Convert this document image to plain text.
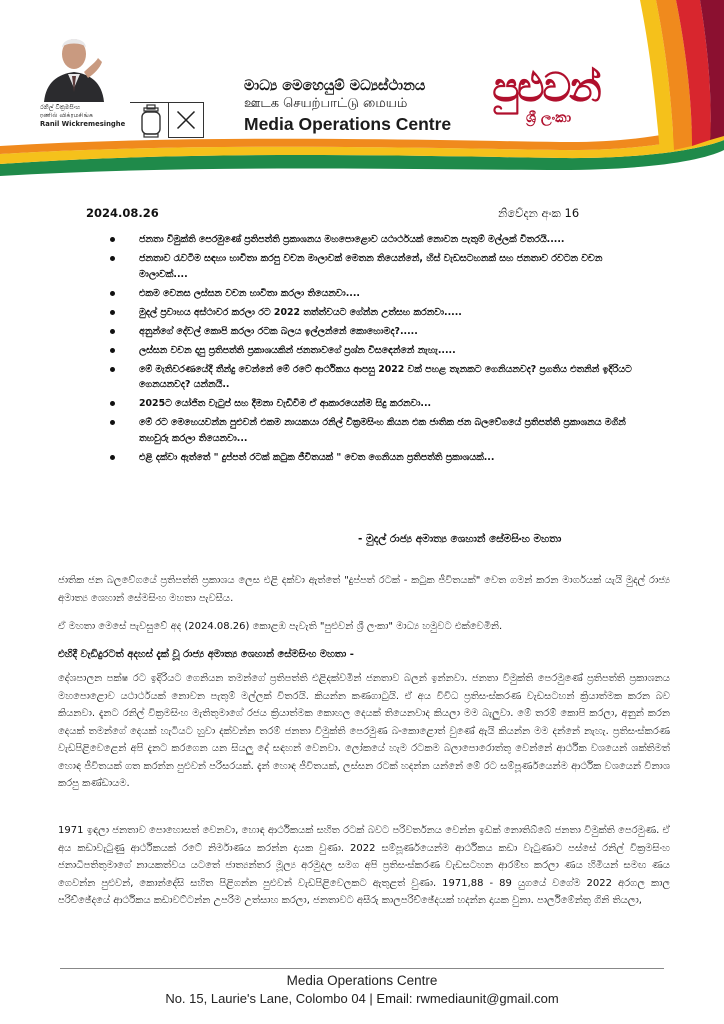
රනිල් වික්‍රමසිංහ
ரணில் விக்ரமசிங்க
Ranil Wickremesinghe
මාධ්‍ය මෙහෙයුම් මධ්‍යස්ථානය
ஊடக செயற்பாட்டு மையம்
Media Operations Centre
පුළුවන්
ශ්‍රී ලංකා
2024.08.26	නිවේදන අංක 16
ජනතා විමුක්ති පෙරමුණේ ප්‍රතිපත්ති ප්‍රකාශනය මහපොළොව යථාර්ථයක් නොවන පැතුම් මල්ලක් විතරයි.....
ජනතාව රැවටීම සඳහා භාවිතා කරපු වචන මාලාවක් මෙතන තියෙන්නේ, හිස් වැඩසටහනක් සහ ජනතාව රවටන වචන මාලාවක්....
එකම වෙනස ලස්සන වචන භාවිතා කරලා තියෙනවා....
මුදල් ප්‍රවාහය අස්ථාවර කරලා රට 2022 තත්ත්වයට ගේන්න උත්සහ කරනවා.....
අනුන්ගේ දේවල් කොපි කරලා රටක බලය ඉල්ලන්නේ කොහොමද?.....
ලස්සන වචන දාපු ප්‍රතිපත්ති ප්‍රකාශයකින් ජනතාවගේ ප්‍රශ්න විසඳෙන්නේ නැහැ.....
මේ මැතිවරණයේදී තීන්දු වෙන්නේ මේ රටේ ආර්ථිකය ආපසු 2022 වක් පහළ තැනකට ගෙනියනවද? ප්‍රගතිය එතනින් ඉදිරියට ගෙනයනවද? යන්නයි..
2025ට යෝජිත වැටුප් සහ දීමනා වැඩිවීම ඒ ආකාරයෙන්ම සිදු කරනවා...
මේ රට මෙහෙයවන්න පුළුවන් එකම නායකයා රනිල් වික්‍රමසිංහ කියන එක ජාතික ජන බලවේගයේ ප්‍රතිපත්ති ප්‍රකාශනය මගින් තහවුරු කරලා තියෙනවා...
එළි දක්වා ඇත්තේ " දුප්පත් රටක් කටුක ජීවිතයක් " වෙත ගෙනියන ප්‍රතිපත්ති ප්‍රකාශයක්...
- මුදල් රාජ්‍ය අමාත්‍ය ශෙහාන් සේමසිංහ මහතා

ජාතික ජන බලවේගයේ ප්‍රතිපත්ති ප්‍රකාශය ලෙස එළි දක්වා ඇත්තේ "දුප්පත් රටක් - කටුක ජීවිතයක්" වෙත ගමන් කරන මාර්ගයක් යැයි මුදල් රාජ්‍ය අමාත්‍ය ශෙහාන් සේමසිංහ මහතා පැවසීය.

ඒ මහතා මෙසේ පැවසුවේ අද (2024.08.26) කොළඹ පැවැති "පුළුවන් ශ්‍රී ලංකා" මාධ්‍ය හමුවට එක්වෙමිනි.

එහිදී වැඩිදුරටත් අදහස් දැක් වූ රාජ්‍ය අමාත්‍ය ශෙහාන් සේමසිංහ මහතා -

දේශපාලන පක්ෂ රට ඉදිරියට ගෙනියන තමන්ගේ ප්‍රතිපත්ති එළිදක්වමින් ජනතාව බලන් ඉන්නවා. ජනතා විමුක්ති පෙරමුණේ ප්‍රතිපත්ති ප්‍රකාශනය මහපොළොව යථාර්ථයක් නොවන පැතුම් මල්ලක් විතරයි. කියන්න කණගාටුයි. ඒ අය විවිධ ප්‍රතිසංස්කරණ වැඩසටහන් ක්‍රියාත්මක කරන බව කියනවා. දැනට රනිල් වික්‍රමසිංහ මැතිතුමාගේ රජය ක්‍රියාත්මක කොහල දෙයක් තියෙනවාද කියලා මම බැලුවා. මේ තරම් කොපි කරලා, අනුන් කරන දෙයක් තමන්ගේ දෙයක් හැටියට හුවා දක්වන්න තරම් ජනතා විමුක්ති පෙරමුණ බංකොළොත් වුණේ ඇයි කියන්න මම දන්නේ නැහැ. ප්‍රතිසංස්කරණ වැඩපිළිවෙළෙන් අපි දැනට කරගෙන යන සියලු දේ සඳහන් වෙනවා. ලෝකයේ හැම රටකම බලාපොරොත්තු වෙන්නේ ආර්ථික වශයෙන් ශක්තිමත් හොඳ ජීවිතයක් ගත කරන්න පුළුවන් පරිසරයක්. දැන් හොඳ ජීවිතයක්, ලස්සන රටක් හදන්න යන්නේ මේ රට සම්පූර්ණයෙන්ම ආර්ථික වශයෙන් විනාශ කරපු කණ්ඩායම.

1971 ඉඳලා ජනතාව පොහොසත් වෙනවා, හොඳ ආර්ථිකයක් සහිත රටක් බවට පරිවර්තනය වෙන්න ඉඩක් නොතිබ්බේ ජනතා විමුක්ති පෙරමුණ. ඒ අය කඩාවැටුණු ආර්ථිකයක් රටේ නිර්මාණය කරන්න දායක වුණා. 2022 සම්පූර්ණයෙන්ම ආර්ථිකය කඩා වැටුණාට පස්සේ රනිල් වික්‍රමසිංහ ජනාධිපතිතුමාගේ නායකත්වය යටතේ ජාත්‍යන්තර මූල්‍ය අරමුදල සමග අපි ප්‍රතිසංස්කරණ වැඩසටහන ආරම්භ කරලා ණය හිමියන් සමඟ ණය ගෙවන්න පුළුවන්, කොන්දේසි සහිත පිළිගන්න පුළුවන් වැඩපිළිවෙලකට ඇතුළත් වුණා. 1971,88 - 89 යුගයේ වගේම 2022 අරගල කාල පරිච්ඡේදයේ ආර්ථිකය කඩාවට්ටන්න උපරිම උත්සාහ කරලා, ජනතාවට අසීරු කාලපරිච්ඡේදයක් හදන්න දායක වුනා. පාර්ලිමේන්තු ගිනි තියලා,

Media Operations Centre
No. 15, Laurie's Lane, Colombo 04 | Email: rwmediaunit@gmail.com
